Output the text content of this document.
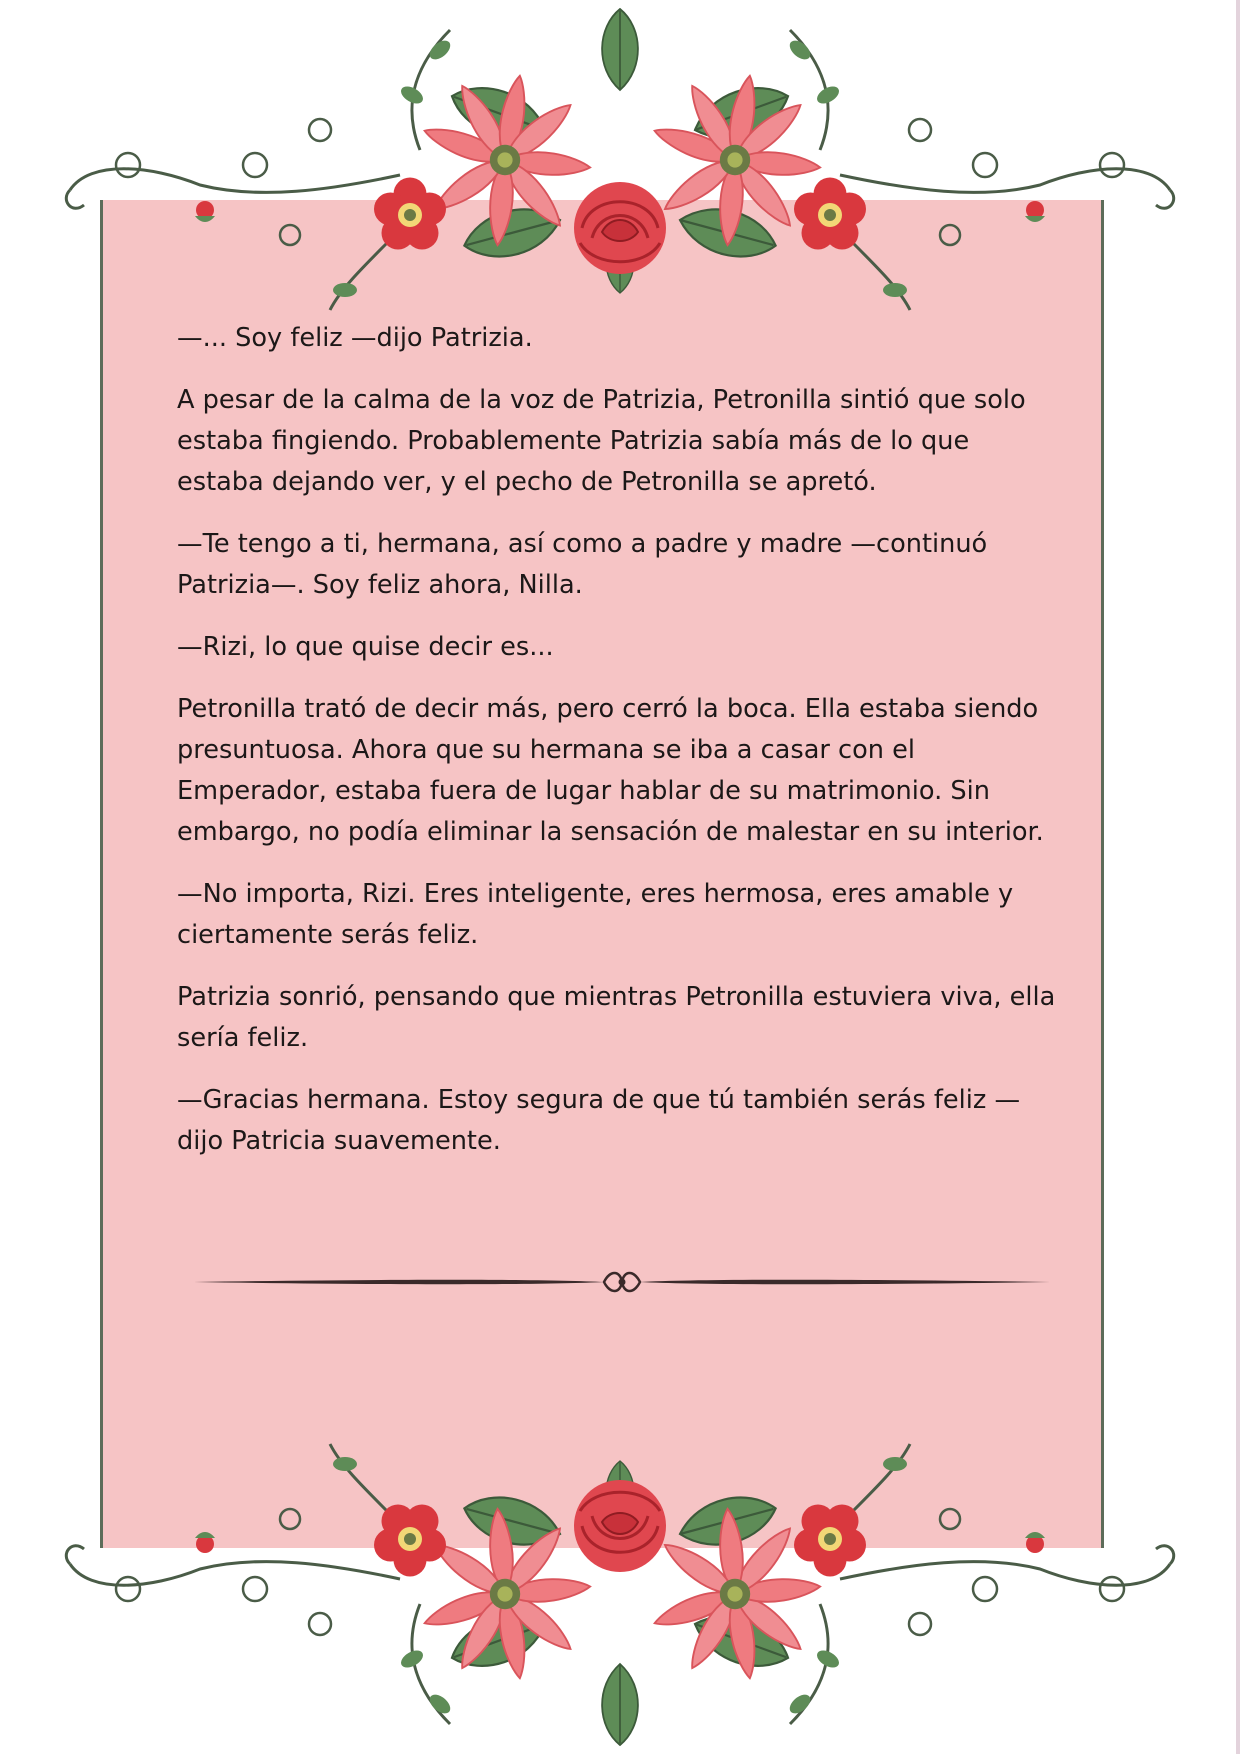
—... Soy feliz —dijo Patrizia.

A pesar de la calma de la voz de Patrizia, Petronilla sintió que solo estaba fingiendo. Probablemente Patrizia sabía más de lo que estaba dejando ver, y el pecho de Petronilla se apretó.

—Te tengo a ti, hermana, así como a padre y madre —continuó Patrizia—. Soy feliz ahora, Nilla.

—Rizi, lo que quise decir es...

Petronilla trató de decir más, pero cerró la boca. Ella estaba siendo presuntuosa. Ahora que su hermana se iba a casar con el Emperador, estaba fuera de lugar hablar de su matrimonio. Sin embargo, no podía eliminar la sensación de malestar en su interior.

—No importa, Rizi. Eres inteligente, eres hermosa, eres amable y ciertamente serás feliz.

Patrizia sonrió, pensando que mientras Petronilla estuviera viva, ella sería feliz.

—Gracias hermana. Estoy segura de que tú también serás feliz —dijo Patricia suavemente.
